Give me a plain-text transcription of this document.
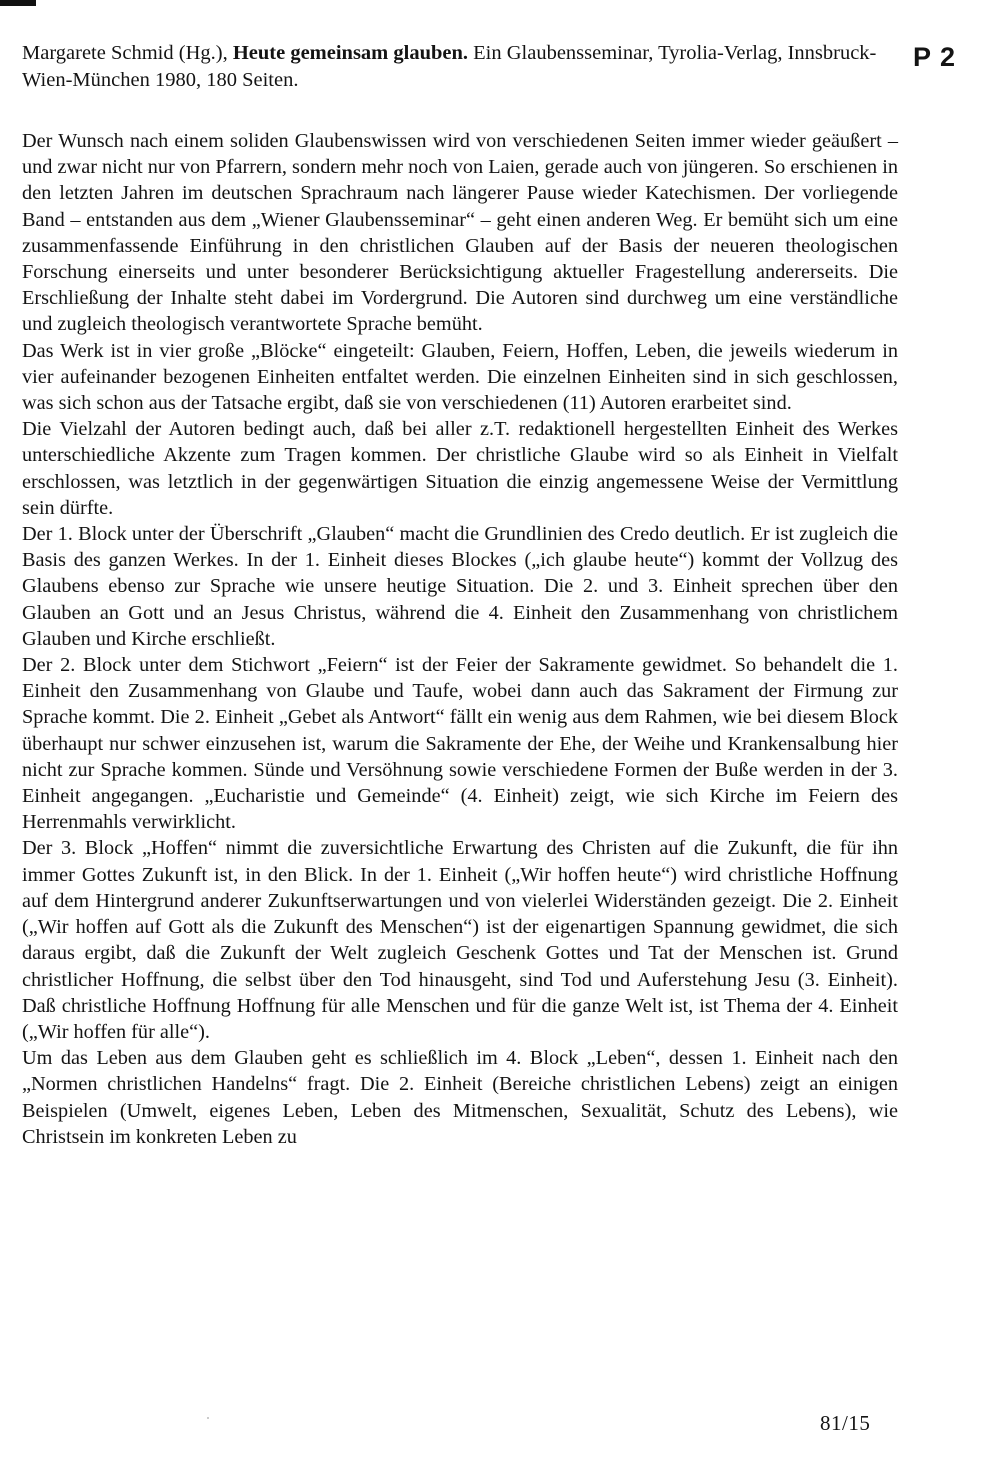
Margarete Schmid (Hg.), Heute gemeinsam glauben. Ein Glaubensseminar, Tyrolia-Verlag, Innsbruck-Wien-München 1980, 180 Seiten.
P 2

Der Wunsch nach einem soliden Glaubenswissen wird von verschiedenen Seiten immer wieder geäußert – und zwar nicht nur von Pfarrern, sondern mehr noch von Laien, gerade auch von jüngeren. So erschienen in den letzten Jahren im deutschen Sprachraum nach längerer Pause wieder Katechismen. Der vorliegende Band – entstanden aus dem „Wiener Glaubensseminar“ – geht einen anderen Weg. Er bemüht sich um eine zusammenfassende Einführung in den christlichen Glauben auf der Basis der neueren theologischen Forschung einerseits und unter besonderer Berücksichtigung aktueller Fragestellung andererseits. Die Erschließung der Inhalte steht dabei im Vordergrund. Die Autoren sind durchweg um eine verständliche und zugleich theologisch verantwortete Sprache bemüht.

Das Werk ist in vier große „Blöcke“ eingeteilt: Glauben, Feiern, Hoffen, Leben, die jeweils wiederum in vier aufeinander bezogenen Einheiten entfaltet werden. Die einzelnen Einheiten sind in sich geschlossen, was sich schon aus der Tatsache ergibt, daß sie von verschiedenen (11) Autoren erarbeitet sind.

Die Vielzahl der Autoren bedingt auch, daß bei aller z.T. redaktionell hergestellten Einheit des Werkes unterschiedliche Akzente zum Tragen kommen. Der christliche Glaube wird so als Einheit in Vielfalt erschlossen, was letztlich in der gegenwärtigen Situation die einzig angemessene Weise der Vermittlung sein dürfte.

Der 1. Block unter der Überschrift „Glauben“ macht die Grundlinien des Credo deutlich. Er ist zugleich die Basis des ganzen Werkes. In der 1. Einheit dieses Blockes („ich glaube heute“) kommt der Vollzug des Glaubens ebenso zur Sprache wie unsere heutige Situation. Die 2. und 3. Einheit sprechen über den Glauben an Gott und an Jesus Christus, während die 4. Einheit den Zusammenhang von christlichem Glauben und Kirche erschließt.

Der 2. Block unter dem Stichwort „Feiern“ ist der Feier der Sakramente gewidmet. So behandelt die 1. Einheit den Zusammenhang von Glaube und Taufe, wobei dann auch das Sakrament der Firmung zur Sprache kommt. Die 2. Einheit „Gebet als Antwort“ fällt ein wenig aus dem Rahmen, wie bei diesem Block überhaupt nur schwer einzusehen ist, warum die Sakramente der Ehe, der Weihe und Krankensalbung hier nicht zur Sprache kommen. Sünde und Versöhnung sowie verschiedene Formen der Buße werden in der 3. Einheit angegangen. „Eucharistie und Gemeinde“ (4. Einheit) zeigt, wie sich Kirche im Feiern des Herrenmahls verwirklicht.

Der 3. Block „Hoffen“ nimmt die zuversichtliche Erwartung des Christen auf die Zukunft, die für ihn immer Gottes Zukunft ist, in den Blick. In der 1. Einheit („Wir hoffen heute“) wird christliche Hoffnung auf dem Hintergrund anderer Zukunftserwartungen und von vielerlei Widerständen gezeigt. Die 2. Einheit („Wir hoffen auf Gott als die Zukunft des Menschen“) ist der eigenartigen Spannung gewidmet, die sich daraus ergibt, daß die Zukunft der Welt zugleich Geschenk Gottes und Tat der Menschen ist. Grund christlicher Hoffnung, die selbst über den Tod hinausgeht, sind Tod und Auferstehung Jesu (3. Einheit). Daß christliche Hoffnung Hoffnung für alle Menschen und für die ganze Welt ist, ist Thema der 4. Einheit („Wir hoffen für alle“).

Um das Leben aus dem Glauben geht es schließlich im 4. Block „Leben“, dessen 1. Einheit nach den „Normen christlichen Handelns“ fragt. Die 2. Einheit (Bereiche christlichen Lebens) zeigt an einigen Beispielen (Umwelt, eigenes Leben, Leben des Mitmenschen, Sexualität, Schutz des Lebens), wie Christsein im konkreten Leben zu

81/15
